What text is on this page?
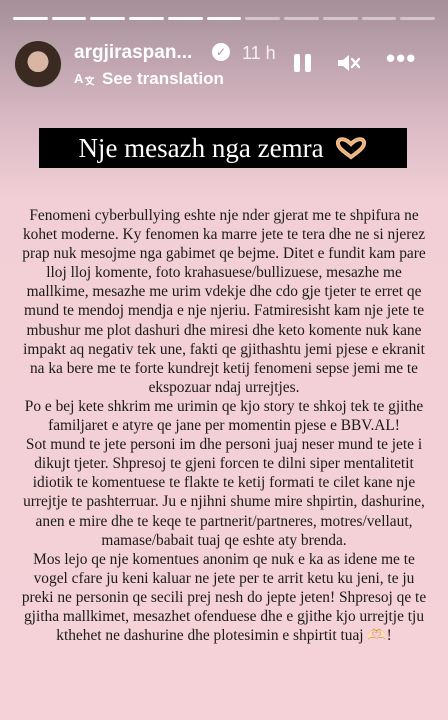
argjiraspan...	✓ 11 h
A See translation
•••
Nje mesazh nga zemra

Fenomeni cyberbullying eshte nje nder gjerat me te shpifura ne kohet moderne. Ky fenomen ka marre jete te tera dhe ne si njerez prap nuk mesojme nga gabimet qe bejme. Ditet e fundit kam pare lloj lloj komente, foto krahasuese/bullizuese, mesazhe me mallkime, mesazhe me urim vdekje dhe cdo gje tjeter te erret qe mund te mendoj mendja e nje njeriu. Fatmiresisht kam nje jete te mbushur me plot dashuri dhe miresi dhe keto komente nuk kane impakt aq negativ tek une, fakti qe gjithashtu jemi pjese e ekranit na ka bere me te forte kundrejt ketij fenomeni sepse jemi me te ekspozuar ndaj urrejtjes.

Po e bej kete shkrim me urimin qe kjo story te shkoj tek te gjithe familjaret e atyre qe jane per momentin pjese e BBV.AL!

Sot mund te jete personi im dhe personi juaj neser mund te jete i dikujt tjeter. Shpresoj te gjeni forcen te dilni siper mentalitetit idiotik te komentuese te flakte te ketij formati te cilet kane nje urrejtje te pashterruar. Ju e njihni shume mire shpirtin, dashurine, anen e mire dhe te keqe te partnerit/partneres, motres/vellaut, mamase/babait tuaj qe eshte aty brenda.

Mos lejo qe nje komentues anonim qe nuk e ka as idene me te vogel cfare ju keni kaluar ne jete per te arrit ketu ku jeni, te ju preki ne personin qe secili prej nesh do jepte jeten! Shpresoj qe te gjitha mallkimet, mesazhet ofenduese dhe e gjithe kjo urrejtje tju kthehet ne dashurine dhe plotesimin e shpirtit tuaj 🫶🏻!
